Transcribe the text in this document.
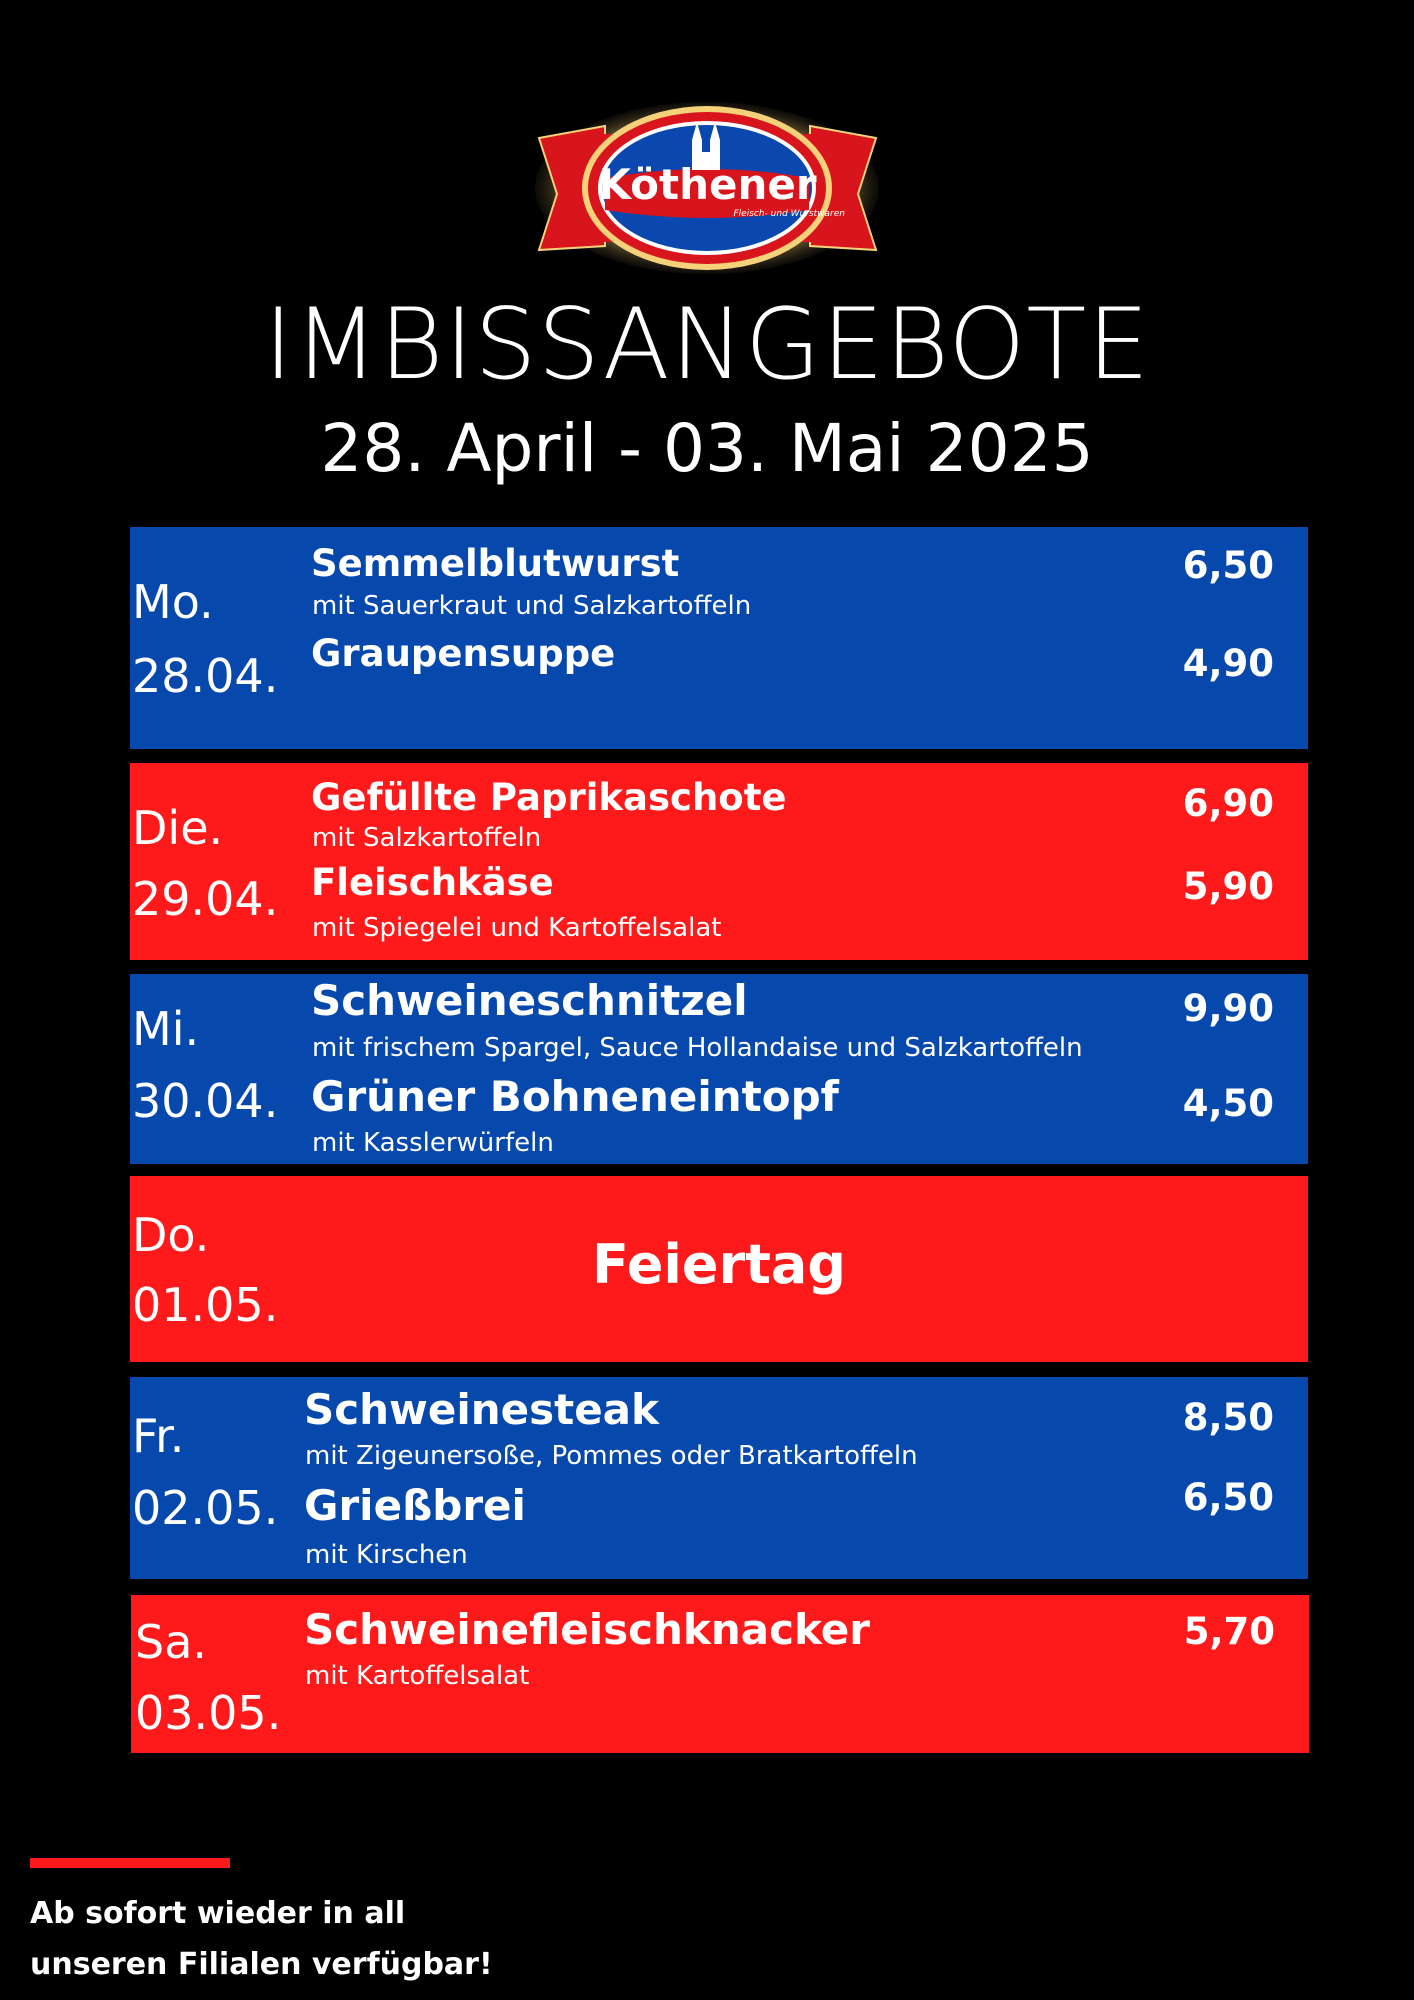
Köthener
Fleisch- und Wurstwaren
IMBISSANGEBOTE
28. April - 03. Mai 2025
Mo.
28.04.
Semmelblutwurst
mit Sauerkraut und Salzkartoffeln
6,50
Graupensuppe	4,90
Die.
29.04.
Gefüllte Paprikaschote
mit Salzkartoffeln
6,90
Fleischkäse
mit Spiegelei und Kartoffelsalat
5,90
Mi.
30.04.
Schweineschnitzel
mit frischem Spargel, Sauce Hollandaise und Salzkartoffeln
9,90
Grüner Bohneneintopf
mit Kasslerwürfeln
4,50
Do.
01.05.
Feiertag
Fr.
02.05.
Schweinesteak
mit Zigeunersoße, Pommes oder Bratkartoffeln
8,50
Grießbrei
mit Kirschen
6,50
Sa.
03.05.
Schweinefleischknacker
mit Kartoffelsalat
5,70
Ab sofort wieder in all
unseren Filialen verfügbar!
